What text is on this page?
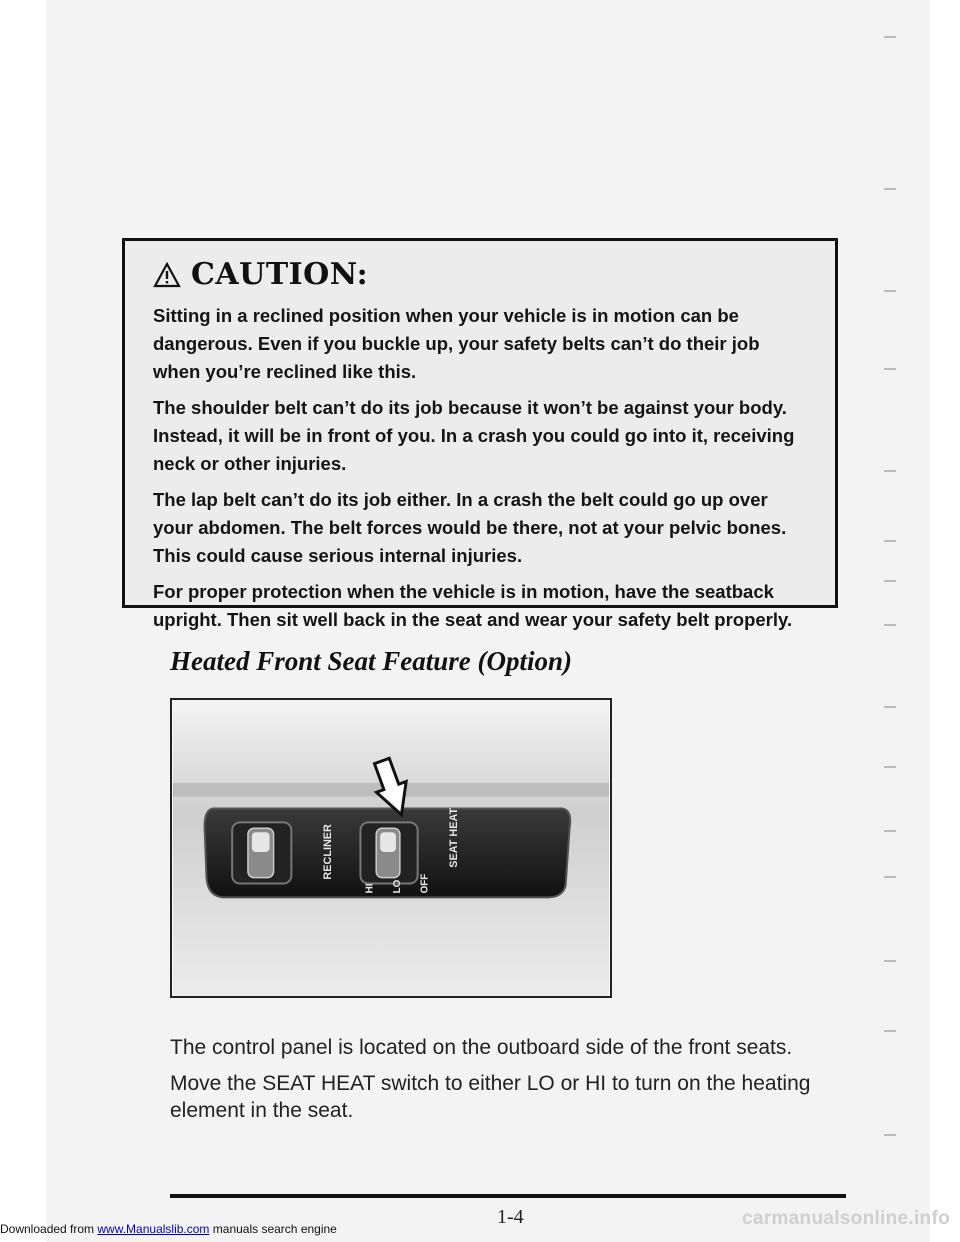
CAUTION:

Sitting in a reclined position when your vehicle is in motion can be dangerous. Even if you buckle up, your safety belts can’t do their job when you’re reclined like this.

The shoulder belt can’t do its job because it won’t be against your body. Instead, it will be in front of you. In a crash you could go into it, receiving neck or other injuries.

The lap belt can’t do its job either. In a crash the belt could go up over your abdomen. The belt forces would be there, not at your pelvic bones. This could cause serious internal injuries.

For proper protection when the vehicle is in motion, have the seatback upright. Then sit well back in the seat and wear your safety belt properly.

Heated Front Seat Feature (Option)
RECLINER
HI LO OFF
SEAT HEAT

The control panel is located on the outboard side of the front seats.

Move the SEAT HEAT switch to either LO or HI to turn on the heating element in the seat.

1-4
Downloaded from www.Manualslib.com manuals search engine	carmanualsonline.info
